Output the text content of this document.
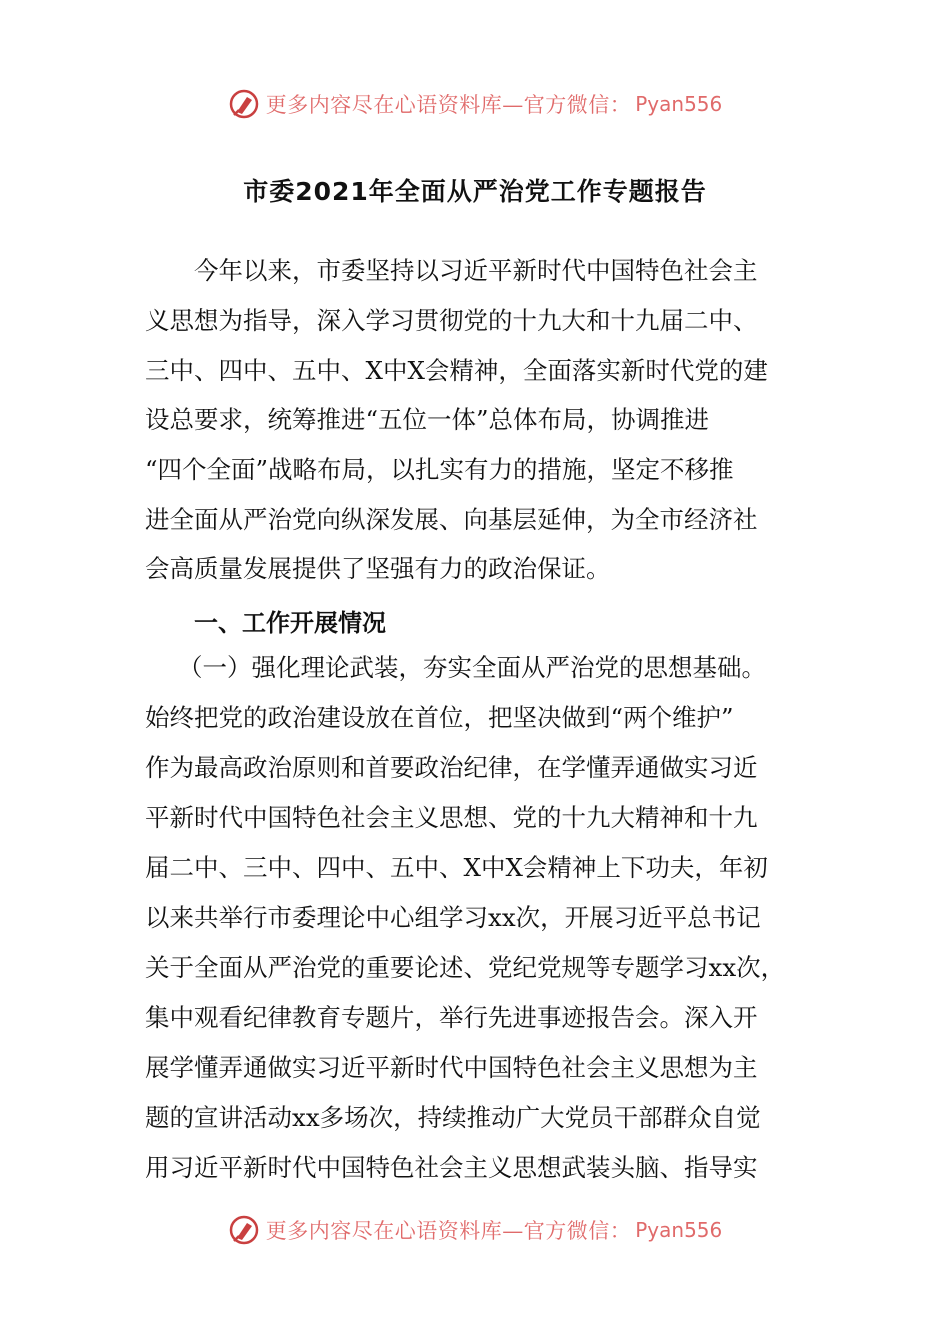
更多内容尽在心语资料库—官方微信： Pyan556
市委2021年全面从严治党工作专题报告
今年以来，市委坚持以习近平新时代中国特色社会主
义思想为指导，深入学习贯彻党的十九大和十九届二中、
三中、四中、五中、X中X会精神，全面落实新时代党的建
设总要求，统筹推进“五位一体”总体布局，协调推进
“四个全面”战略布局，以扎实有力的措施，坚定不移推
进全面从严治党向纵深发展、向基层延伸，为全市经济社
会高质量发展提供了坚强有力的政治保证。
一、工作开展情况
（一）强化理论武装，夯实全面从严治党的思想基础。
始终把党的政治建设放在首位，把坚决做到“两个维护”
作为最高政治原则和首要政治纪律，在学懂弄通做实习近
平新时代中国特色社会主义思想、党的十九大精神和十九
届二中、三中、四中、五中、X中X会精神上下功夫，年初
以来共举行市委理论中心组学习xx次，开展习近平总书记
关于全面从严治党的重要论述、党纪党规等专题学习xx次，
集中观看纪律教育专题片，举行先进事迹报告会。深入开
展学懂弄通做实习近平新时代中国特色社会主义思想为主
题的宣讲活动xx多场次，持续推动广大党员干部群众自觉
用习近平新时代中国特色社会主义思想武装头脑、指导实
更多内容尽在心语资料库—官方微信： Pyan556
